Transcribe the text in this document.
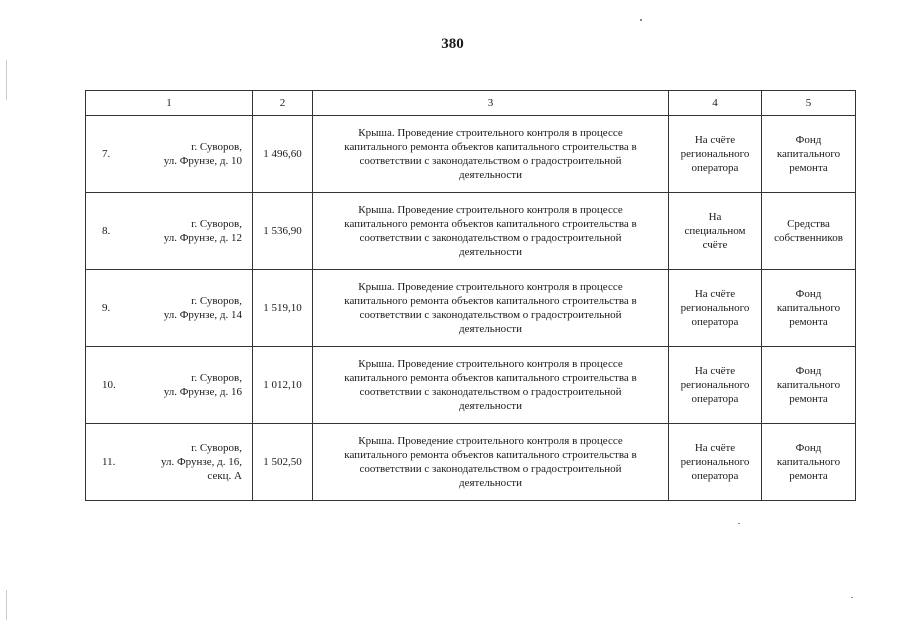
380
1	2	3	4	5

7.
г. Суворов,
ул. Фрунзе, д. 10	1 496,60	Крыша. Проведение строительного контроля в процессе
капитального ремонта объектов капитального строительства в
соответствии с законодательством о градостроительной
деятельности	На счёте
регионального
оператора	Фонд
капитального
ремонта

8.
г. Суворов,
ул. Фрунзе, д. 12	1 536,90	Крыша. Проведение строительного контроля в процессе
капитального ремонта объектов капитального строительства в
соответствии с законодательством о градостроительной
деятельности	На
специальном
счёте	Средства
собственников

9.
г. Суворов,
ул. Фрунзе, д. 14	1 519,10	Крыша. Проведение строительного контроля в процессе
капитального ремонта объектов капитального строительства в
соответствии с законодательством о градостроительной
деятельности	На счёте
регионального
оператора	Фонд
капитального
ремонта

10.
г. Суворов,
ул. Фрунзе, д. 16	1 012,10	Крыша. Проведение строительного контроля в процессе
капитального ремонта объектов капитального строительства в
соответствии с законодательством о градостроительной
деятельности	На счёте
регионального
оператора	Фонд
капитального
ремонта

11.
г. Суворов,
ул. Фрунзе, д. 16,
секц. А	1 502,50	Крыша. Проведение строительного контроля в процессе
капитального ремонта объектов капитального строительства в
соответствии с законодательством о градостроительной
деятельности	На счёте
регионального
оператора	Фонд
капитального
ремонта
